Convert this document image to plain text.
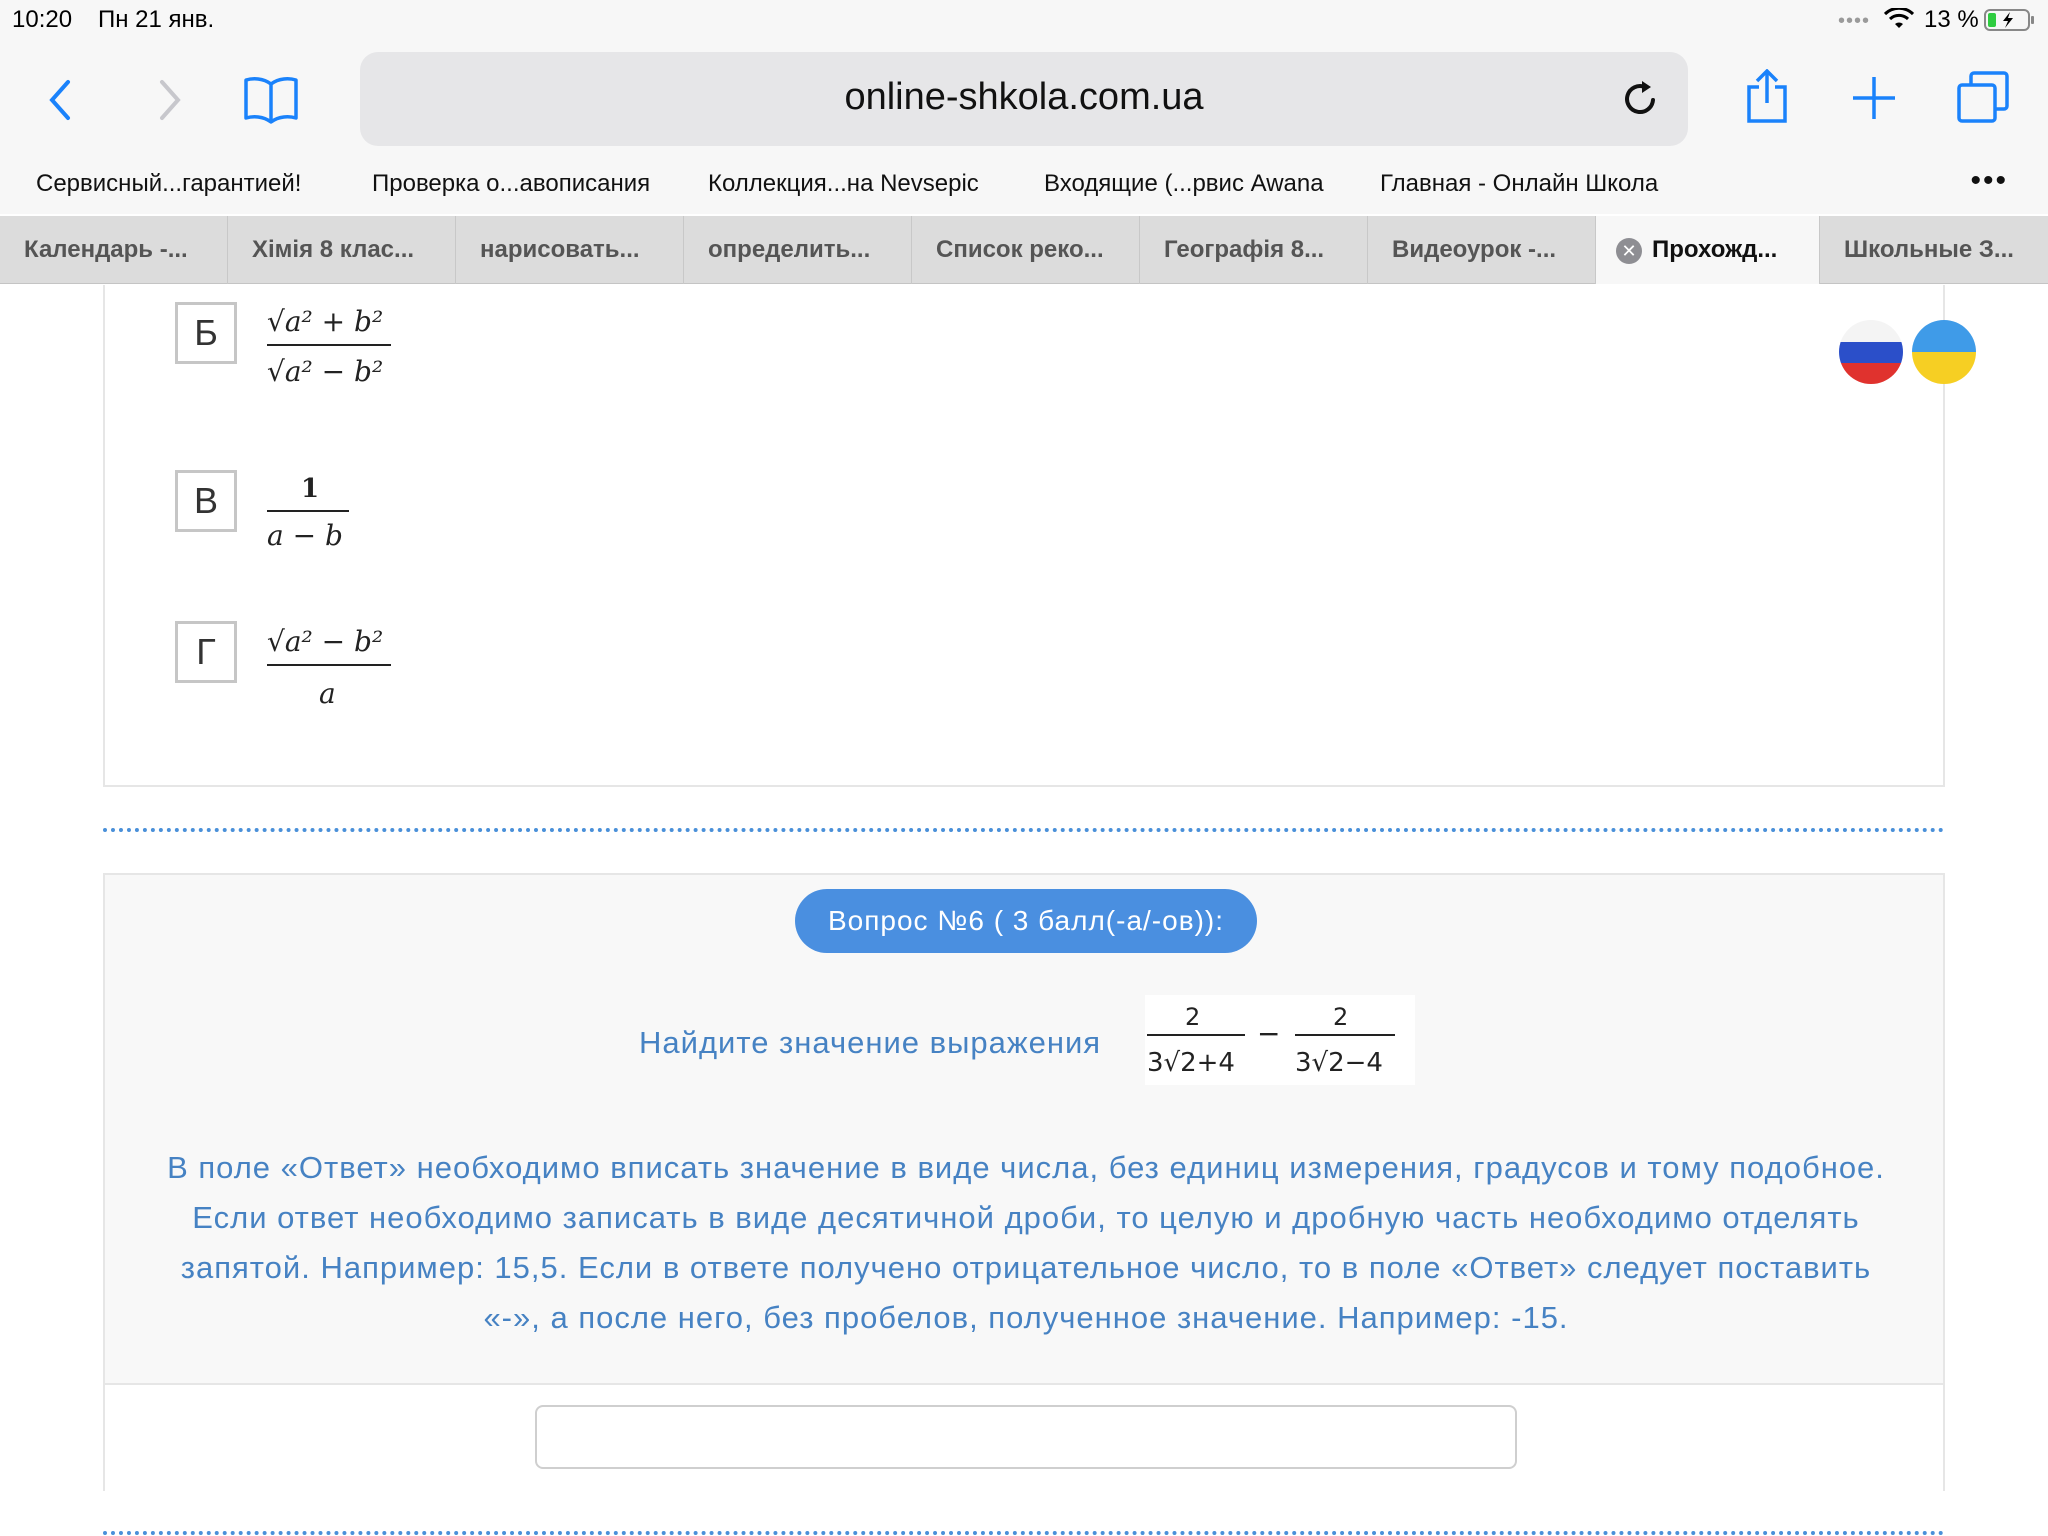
10:20 Пн 21 янв.	•••• 13 %
online-shkola.com.ua
Сервисный...гарантией!	Проверка о...авописания Коллекция...на Nevsepic	Входящие (...рвис Awana Главная - Онлайн Школа	•••
Календарь -...	Хімія 8 клас...	нарисовать...	определить...	Список реко...	Географія 8...	Видеоурок -...	✕ Прохожд...	Школьные З...
Б	√a² + b²
√a² − b²
В	1
a − b
Г	√a² − b²
a
Вопрос №6 ( 3 балл(-а/-ов)):
Найдите значение выражения
2
3√2+4
− 2
3√2−4
В поле «Ответ» необходимо вписать значение в виде числа, без единиц измерения, градусов и тому подобное. Если ответ необходимо записать в виде десятичной дроби, то целую и дробную часть необходимо отделять запятой. Например: 15,5. Если в ответе получено отрицательное число, то в поле «Ответ» следует поставить «-», а после него, без пробелов, полученное значение. Например: -15.
